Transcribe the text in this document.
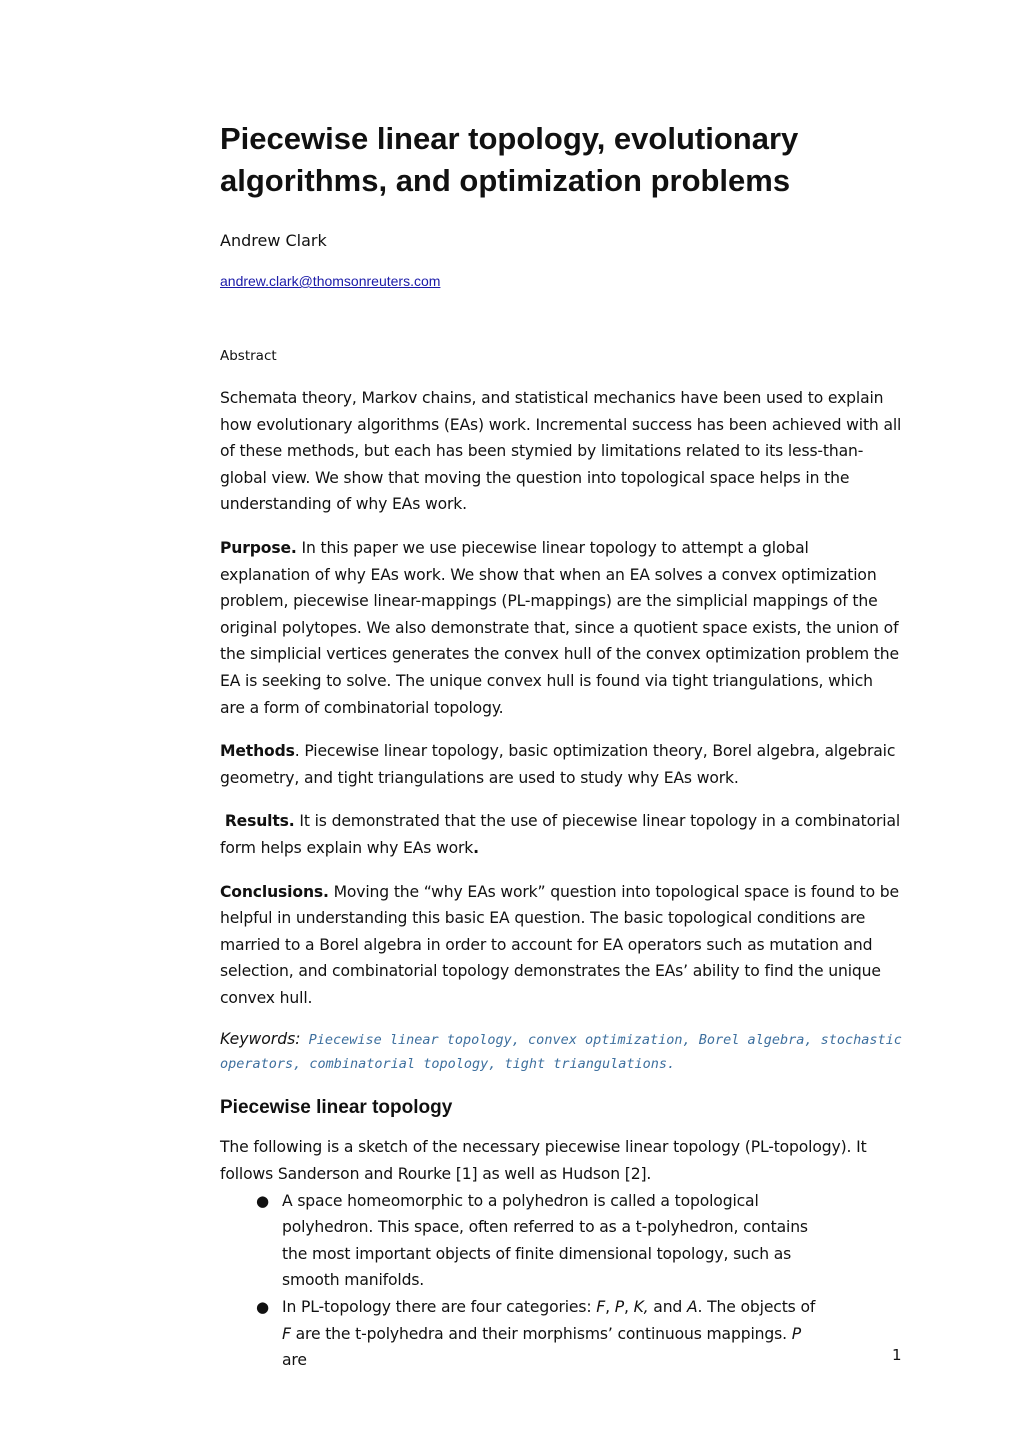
Piecewise linear topology, evolutionary algorithms, and optimization problems

Andrew Clark

andrew.clark@thomsonreuters.com

Abstract

Schemata theory, Markov chains, and statistical mechanics have been used to explain how evolutionary algorithms (EAs) work. Incremental success has been achieved with all of these methods, but each has been stymied by limitations related to its less-than-global view. We show that moving the question into topological space helps in the understanding of why EAs work.

Purpose. In this paper we use piecewise linear topology to attempt a global explanation of why EAs work. We show that when an EA solves a convex optimization problem, piecewise linear-mappings (PL-mappings) are the simplicial mappings of the original polytopes. We also demonstrate that, since a quotient space exists, the union of the simplicial vertices generates the convex hull of the convex optimization problem the EA is seeking to solve. The unique convex hull is found via tight triangulations, which are a form of combinatorial topology.

Methods. Piecewise linear topology, basic optimization theory, Borel algebra, algebraic geometry, and tight triangulations are used to study why EAs work.

Results. It is demonstrated that the use of piecewise linear topology in a combinatorial form helps explain why EAs work.

Conclusions. Moving the “why EAs work” question into topological space is found to be helpful in understanding this basic EA question. The basic topological conditions are married to a Borel algebra in order to account for EA operators such as mutation and selection, and combinatorial topology demonstrates the EAs’ ability to find the unique convex hull.

Keywords: Piecewise linear topology, convex optimization, Borel algebra, stochastic operators, combinatorial topology, tight triangulations.

Piecewise linear topology

The following is a sketch of the necessary piecewise linear topology (PL-topology). It follows Sanderson and Rourke [1] as well as Hudson [2].

● A space homeomorphic to a polyhedron is called a topological polyhedron. This space, often referred to as a t-polyhedron, contains the most important objects of finite dimensional topology, such as smooth manifolds.
● In PL-topology there are four categories: F, P, K, and A. The objects of F are the t-polyhedra and their morphisms’ continuous mappings. P are	1
